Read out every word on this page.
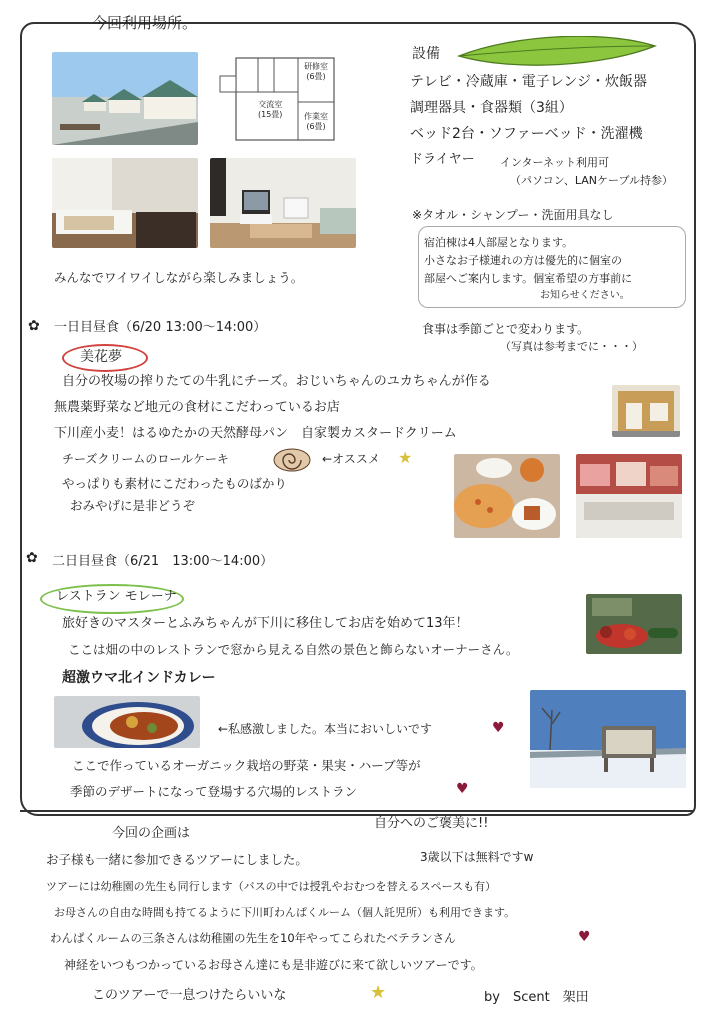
今回利用場所。
研修室
(6畳)
交流室
(15畳)	作業室
(6畳)
設備
テレビ・冷蔵庫・電子レンジ・炊飯器
調理器具・食器類（3組）
ベッド2台・ソファーベッド・洗濯機
ドライヤー インターネット利用可
（パソコン、LANケーブル持参）
※タオル・シャンプー・洗面用具なし
宿泊棟は4人部屋となります。
小さなお子様連れの方は優先的に個室の
部屋へご案内します。個室希望の方事前に
お知らせください。
みんなでワイワイしながら楽しみましょう。
✿ 一日目昼食（6/20 13:00〜14:00）
美花夢
食事は季節ごとで変わります。
（写真は参考までに・・・）
自分の牧場の搾りたての牛乳にチーズ。おじいちゃんのユカちゃんが作る
無農薬野菜など地元の食材にこだわっているお店
下川産小麦！はるゆたかの天然酵母パン　自家製カスタードクリーム
チーズクリームのロールケーキ	←オススメ ★
やっぱりも素材にこだわったものばかり
おみやげに是非どうぞ
✿ 二日目昼食（6/21　13:00〜14:00）
レストラン モレーナ
旅好きのマスターとふみちゃんが下川に移住してお店を始めて13年！
ここは畑の中のレストランで窓から見える自然の景色と飾らないオーナーさん。
超激ウマ北インドカレー
←私感激しました。本当においしいです	♥
ここで作っているオーガニック栽培の野菜・果実・ハーブ等が
季節のデザートになって登場する穴場的レストラン	♥
今回の企画は
自分へのご褒美に!!
お子様も一緒に参加できるツアーにしました。	3歳以下は無料ですw
ツアーには幼稚園の先生も同行します（バスの中では授乳やおむつを替えるスペースも有）
お母さんの自由な時間も持てるように下川町わんぱくルーム（個人託児所）も利用できます。
わんぱくルームの三条さんは幼稚園の先生を10年やってこられたベテランさん	♥
神経をいつもつかっているお母さん達にも是非遊びに来て欲しいツアーです。
このツアーで一息つけたらいいな	★	by　Scent　架田
